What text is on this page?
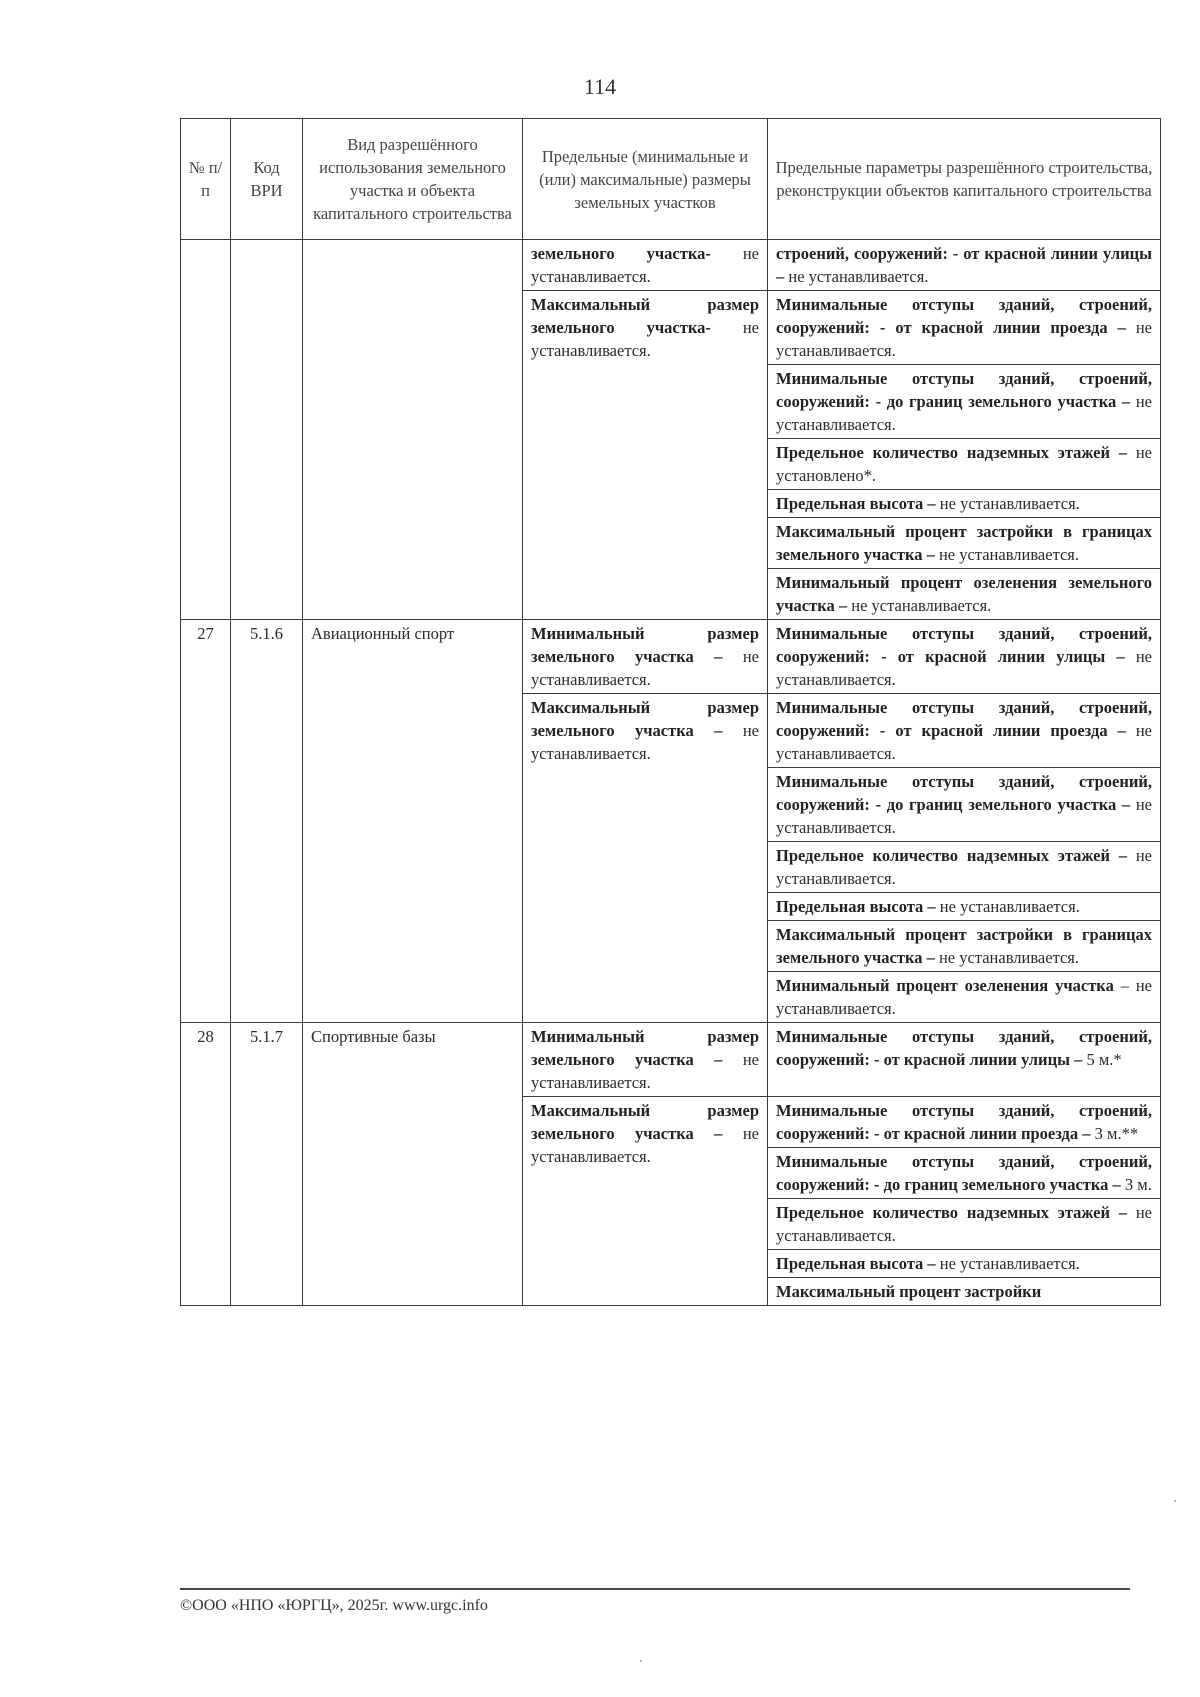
114
№ п/п	Код ВРИ	Вид разрешённого использования земельного участка и объекта капитального строительства	Предельные (минимальные и (или) максимальные) размеры земельных участков	Предельные параметры разрешённого строительства, реконструкции объектов капитального строительства
			земельного участка- не устанавливается.	строений, сооружений: - от красной линии улицы – не устанавливается.
			Максимальный размер земельного участка- не устанавливается.	Минимальные отступы зданий, строений, сооружений: - от красной линии проезда – не устанавливается.
				Минимальные отступы зданий, строений, сооружений: - до границ земельного участка – не устанавливается.
				Предельное количество надземных этажей – не установлено*.
				Предельная высота – не устанавливается.
				Максимальный процент застройки в границах земельного участка – не устанавливается.
				Минимальный процент озеленения земельного участка – не устанавливается.
27	5.1.6	Авиационный спорт	Минимальный размер земельного участка – не устанавливается.	Минимальные отступы зданий, строений, сооружений: - от красной линии улицы – не устанавливается.
			Максимальный размер земельного участка – не устанавливается.	Минимальные отступы зданий, строений, сооружений: - от красной линии проезда – не устанавливается.
				Минимальные отступы зданий, строений, сооружений: - до границ земельного участка – не устанавливается.
				Предельное количество надземных этажей – не устанавливается.
				Предельная высота – не устанавливается.
				Максимальный процент застройки в границах земельного участка – не устанавливается.
				Минимальный процент озеленения участка – не устанавливается.
28	5.1.7	Спортивные базы	Минимальный размер земельного участка – не устанавливается.	Минимальные отступы зданий, строений, сооружений: - от красной линии улицы – 5 м.*
			Максимальный размер земельного участка – не устанавливается.	Минимальные отступы зданий, строений, сооружений: - от красной линии проезда – 3 м.**
				Минимальные отступы зданий, строений, сооружений: - до границ земельного участка – 3 м.
				Предельное количество надземных этажей – не устанавливается.
				Предельная высота – не устанавливается.
				Максимальный процент застройки
©ООО «НПО «ЮРГЦ», 2025г. www.urgc.info
